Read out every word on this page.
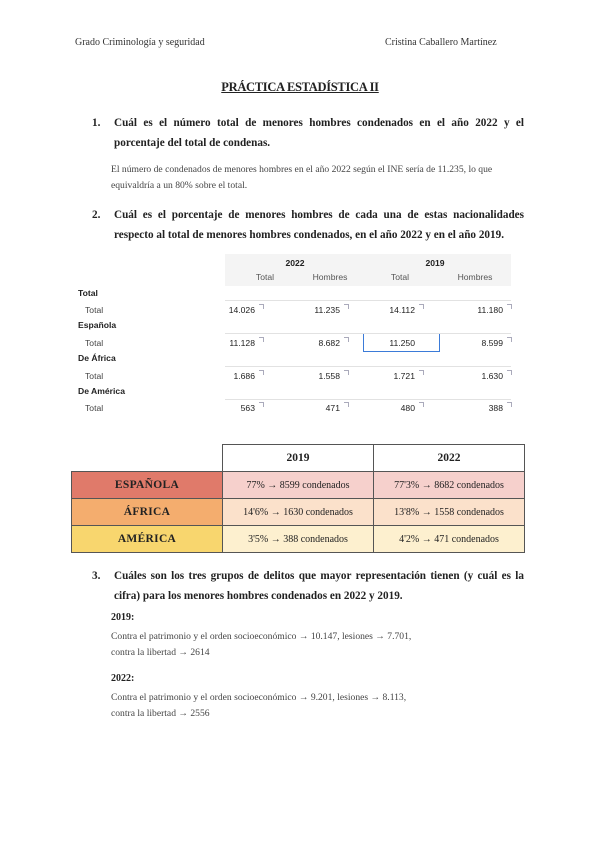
Grado Criminología y seguridad	Cristina Caballero Martínez
PRÁCTICA ESTADÍSTICA II
1.	Cuál es el número total de menores hombres condenados en el año 2022 y el porcentaje del total de condenas.
El número de condenados de menores hombres en el año 2022 según el INE sería de 11.235, lo que
equivaldría a un 80% sobre el total.
2.	Cuál es el porcentaje de menores hombres de cada una de estas nacionalidades respecto al total de menores hombres condenados, en el año 2022 y en el año 2019.
2022	2019
Total	Hombres	Total	Hombres
Total
Total	14.026	11.235	14.112	11.180
Española
Total	11.128	8.682	11.250	8.599
De África
Total	1.686	1.558	1.721	1.630
De América
Total	563	471	480	388
	2019	2022
ESPAÑOLA	77% → 8599 condenados	77'3% → 8682 condenados
ÁFRICA	14'6% → 1630 condenados	13'8% → 1558 condenados
AMÉRICA	3'5% → 388 condenados	4'2% → 471 condenados
3.	Cuáles son los tres grupos de delitos que mayor representación tienen (y cuál es la cifra) para los menores hombres condenados en 2022 y 2019.
2019:
Contra el patrimonio y el orden socioeconómico → 10.147, lesiones → 7.701,
contra la libertad → 2614
2022:
Contra el patrimonio y el orden socioeconómico → 9.201, lesiones → 8.113,
contra la libertad → 2556
